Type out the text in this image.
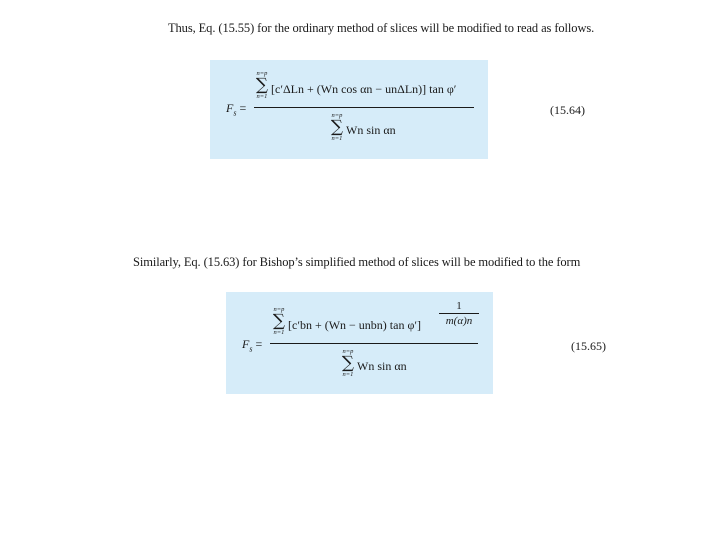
Thus, Eq. (15.55) for the ordinary method of slices will be modified to read as follows.
$F_s$ =
n=p
∑
n=1
[c′ΔLn + (Wn cos αn − unΔLn)] tan φ′
n=p
∑
n=1
Wn sin αn
(15.64)
Similarly, Eq. (15.63) for Bishop’s simplified method of slices will be modified to the form
$F_s$ =
n=p
∑
n=1
[c′bn + (Wn − unbn) tan φ′]
1
m(α)n
n=p
∑
n=1
Wn sin αn
(15.65)
